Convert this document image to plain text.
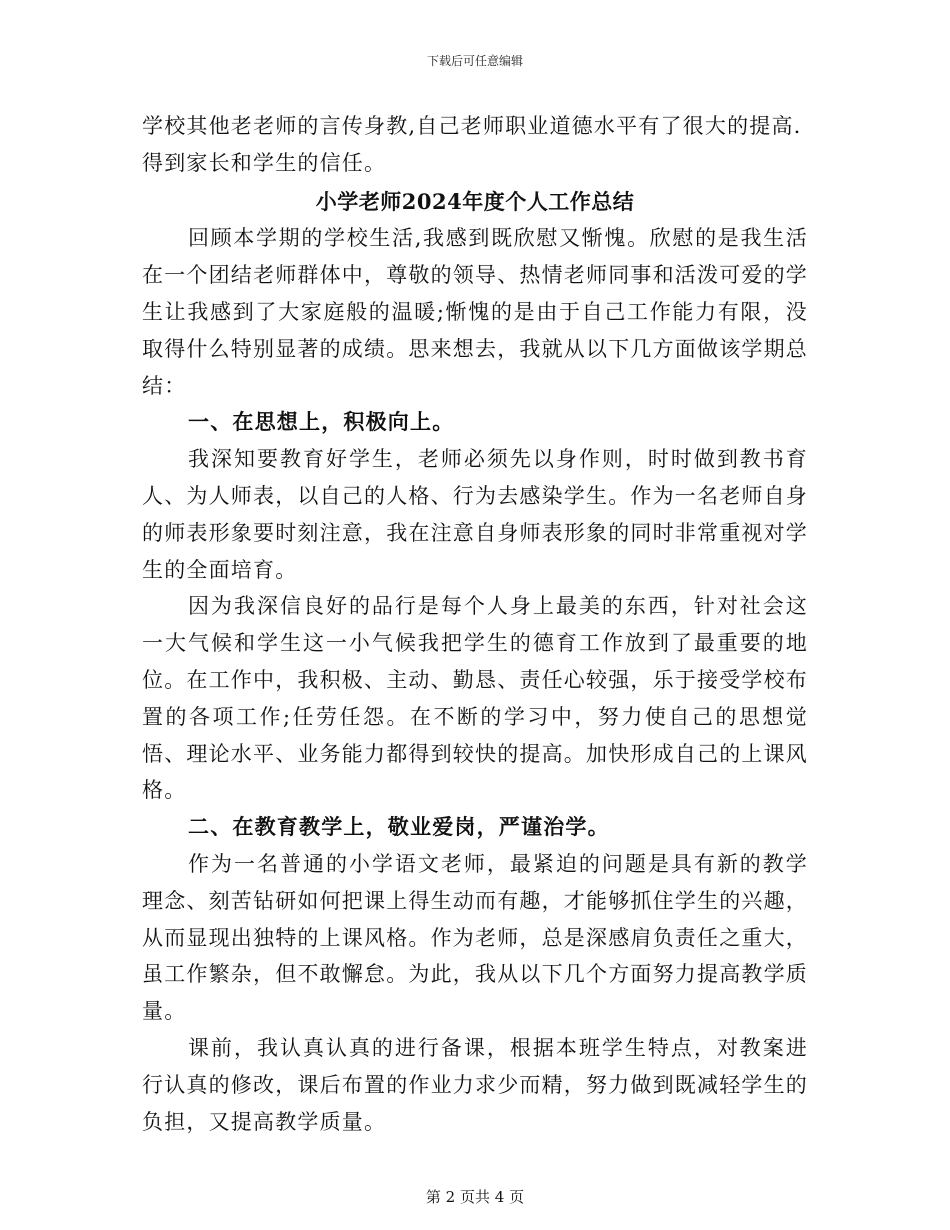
下载后可任意编辑

学校其他老老师的言传身教,自己老师职业道德水平有了很大的提高.

得到家长和学生的信任。

小学老师2024年度个人工作总结

回顾本学期的学校生活,我感到既欣慰又惭愧。欣慰的是我生活在一个团结老师群体中，尊敬的领导、热情老师同事和活泼可爱的学生让我感到了大家庭般的温暖;惭愧的是由于自己工作能力有限，没取得什么特别显著的成绩。思来想去，我就从以下几方面做该学期总结：

一、在思想上，积极向上。

我深知要教育好学生，老师必须先以身作则，时时做到教书育人、为人师表，以自己的人格、行为去感染学生。作为一名老师自身的师表形象要时刻注意，我在注意自身师表形象的同时非常重视对学生的全面培育。

因为我深信良好的品行是每个人身上最美的东西，针对社会这一大气候和学生这一小气候我把学生的德育工作放到了最重要的地位。在工作中，我积极、主动、勤恳、责任心较强，乐于接受学校布置的各项工作;任劳任怨。在不断的学习中，努力使自己的思想觉悟、理论水平、业务能力都得到较快的提高。加快形成自己的上课风格。

二、在教育教学上，敬业爱岗，严谨治学。

作为一名普通的小学语文老师，最紧迫的问题是具有新的教学理念、刻苦钻研如何把课上得生动而有趣，才能够抓住学生的兴趣，从而显现出独特的上课风格。作为老师，总是深感肩负责任之重大，虽工作繁杂，但不敢懈怠。为此，我从以下几个方面努力提高教学质量。

课前，我认真认真的进行备课，根据本班学生特点，对教案进行认真的修改，课后布置的作业力求少而精，努力做到既减轻学生的负担，又提高教学质量。

第 2 页共 4 页
